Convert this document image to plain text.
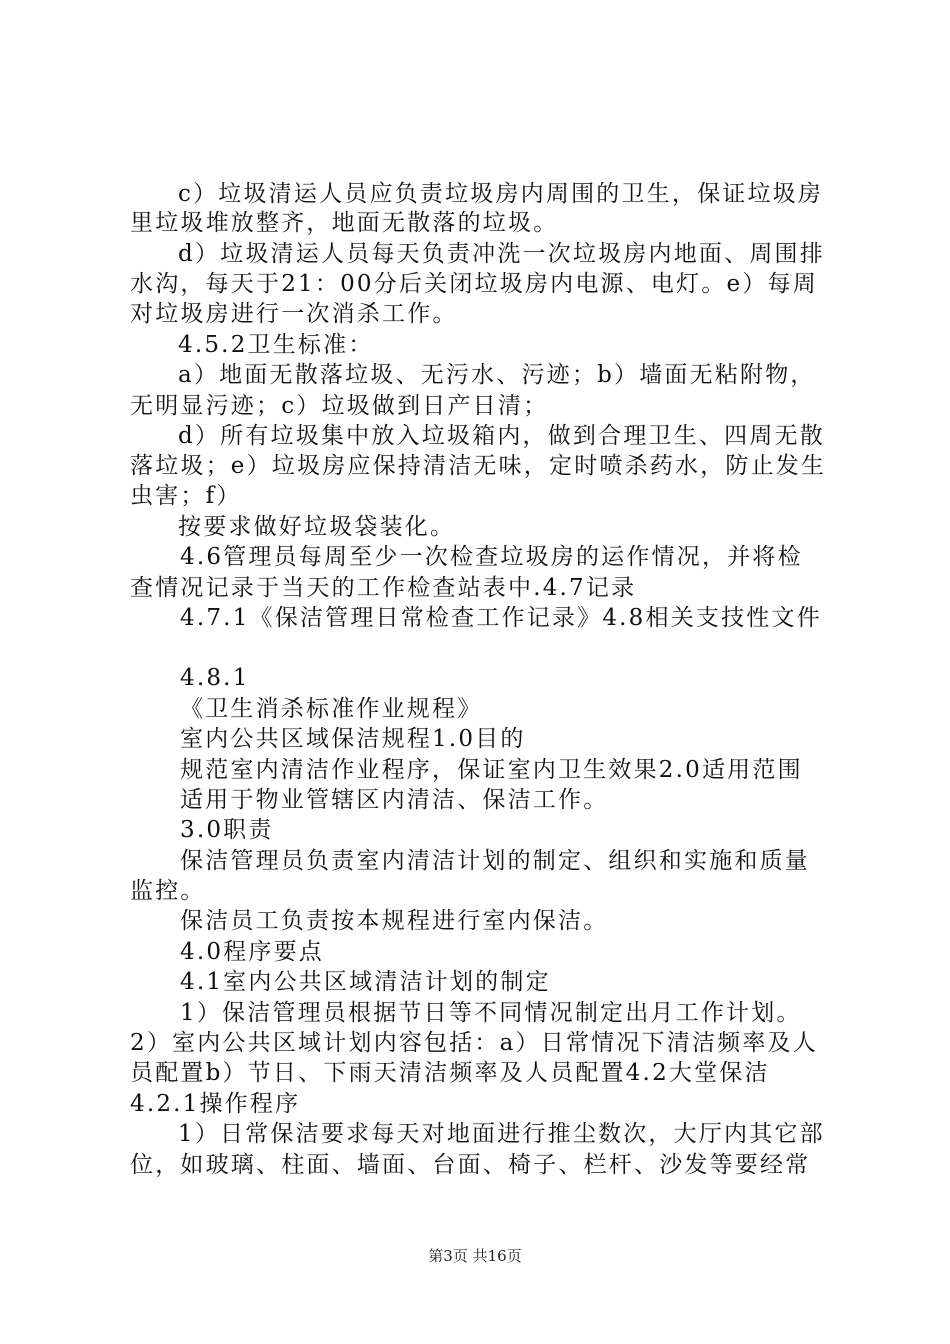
c）垃圾清运人员应负责垃圾房内周围的卫生，保证垃圾房
里垃圾堆放整齐，地面无散落的垃圾。
d）垃圾清运人员每天负责冲洗一次垃圾房内地面、周围排
水沟，每天于21：00分后关闭垃圾房内电源、电灯。e）每周
对垃圾房进行一次消杀工作。
4.5.2卫生标准：
a）地面无散落垃圾、无污水、污迹；b）墙面无粘附物，
无明显污迹；c）垃圾做到日产日清；
d）所有垃圾集中放入垃圾箱内，做到合理卫生、四周无散
落垃圾；e）垃圾房应保持清洁无味，定时喷杀药水，防止发生
虫害；f）
按要求做好垃圾袋装化。
4.6管理员每周至少一次检查垃圾房的运作情况，并将检
查情况记录于当天的工作检查站表中.4.7记录
4.7.1《保洁管理日常检查工作记录》4.8相关支技性文件
4.8.1
《卫生消杀标准作业规程》
室内公共区域保洁规程1.0目的
规范室内清洁作业程序，保证室内卫生效果2.0适用范围
适用于物业管辖区内清洁、保洁工作。
3.0职责
保洁管理员负责室内清洁计划的制定、组织和实施和质量
监控。
保洁员工负责按本规程进行室内保洁。
4.0程序要点
4.1室内公共区域清洁计划的制定
1）保洁管理员根据节日等不同情况制定出月工作计划。
2）室内公共区域计划内容包括：a）日常情况下清洁频率及人
员配置b）节日、下雨天清洁频率及人员配置4.2大堂保洁
4.2.1操作程序
1）日常保洁要求每天对地面进行推尘数次，大厅内其它部
位，如玻璃、柱面、墙面、台面、椅子、栏杆、沙发等要经常
第3页 共16页
